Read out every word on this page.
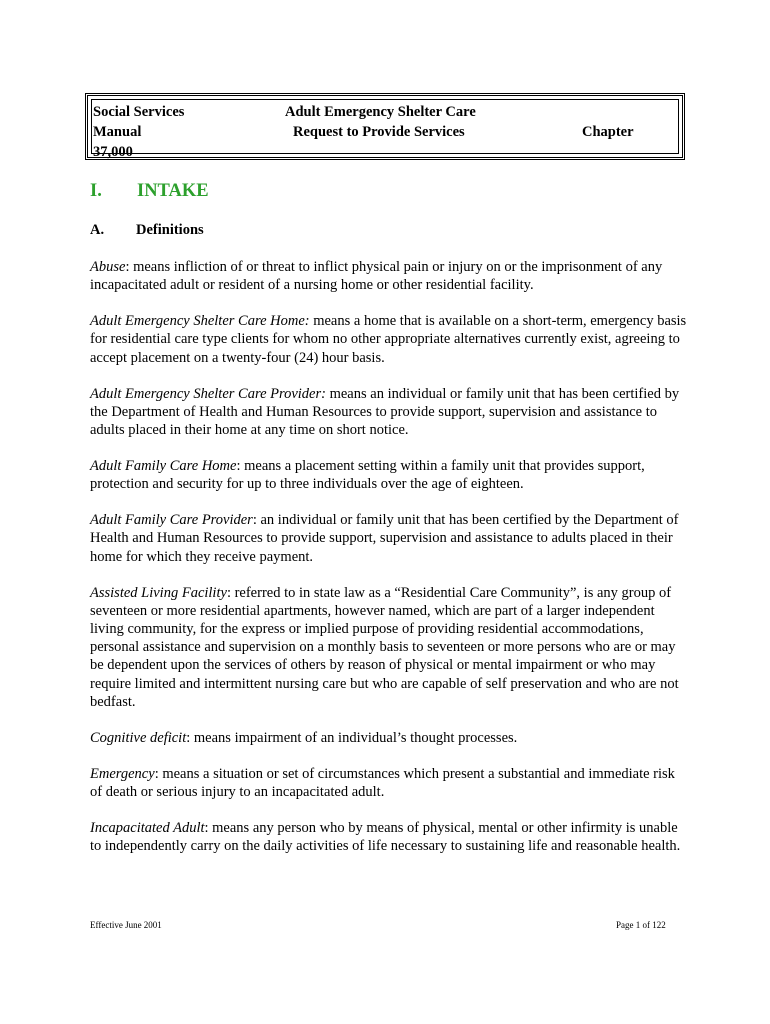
Social Services
Manual
37,000
Adult Emergency Shelter Care
Request to Provide Services	Chapter
I. INTAKE
A. Definitions

Abuse: means infliction of or threat to inflict physical pain or injury on or the imprisonment of any incapacitated adult or resident of a nursing home or other residential facility.

Adult Emergency Shelter Care Home: means a home that is available on a short-term, emergency basis for residential care type clients for whom no other appropriate alternatives currently exist, agreeing to accept placement on a twenty-four (24) hour basis.

Adult Emergency Shelter Care Provider: means an individual or family unit that has been certified by the Department of Health and Human Resources to provide support, supervision and assistance to adults placed in their home at any time on short notice.

Adult Family Care Home: means a placement setting within a family unit that provides support, protection and security for up to three individuals over the age of eighteen.

Adult Family Care Provider: an individual or family unit that has been certified by the Department of Health and Human Resources to provide support, supervision and assistance to adults placed in their home for which they receive payment.

Assisted Living Facility: referred to in state law as a “Residential Care Community”, is any group of seventeen or more residential apartments, however named, which are part of a larger independent living community, for the express or implied purpose of providing residential accommodations, personal assistance and supervision on a monthly basis to seventeen or more persons who are or may be dependent upon the services of others by reason of physical or mental impairment or who may require limited and intermittent nursing care but who are capable of self preservation and who are not bedfast.

Cognitive deficit: means impairment of an individual’s thought processes.

Emergency: means a situation or set of circumstances which present a substantial and immediate risk of death or serious injury to an incapacitated adult.

Incapacitated Adult: means any person who by means of physical, mental or other infirmity is unable to independently carry on the daily activities of life necessary to sustaining life and reasonable health.

Effective June 2001	Page 1 of 122
